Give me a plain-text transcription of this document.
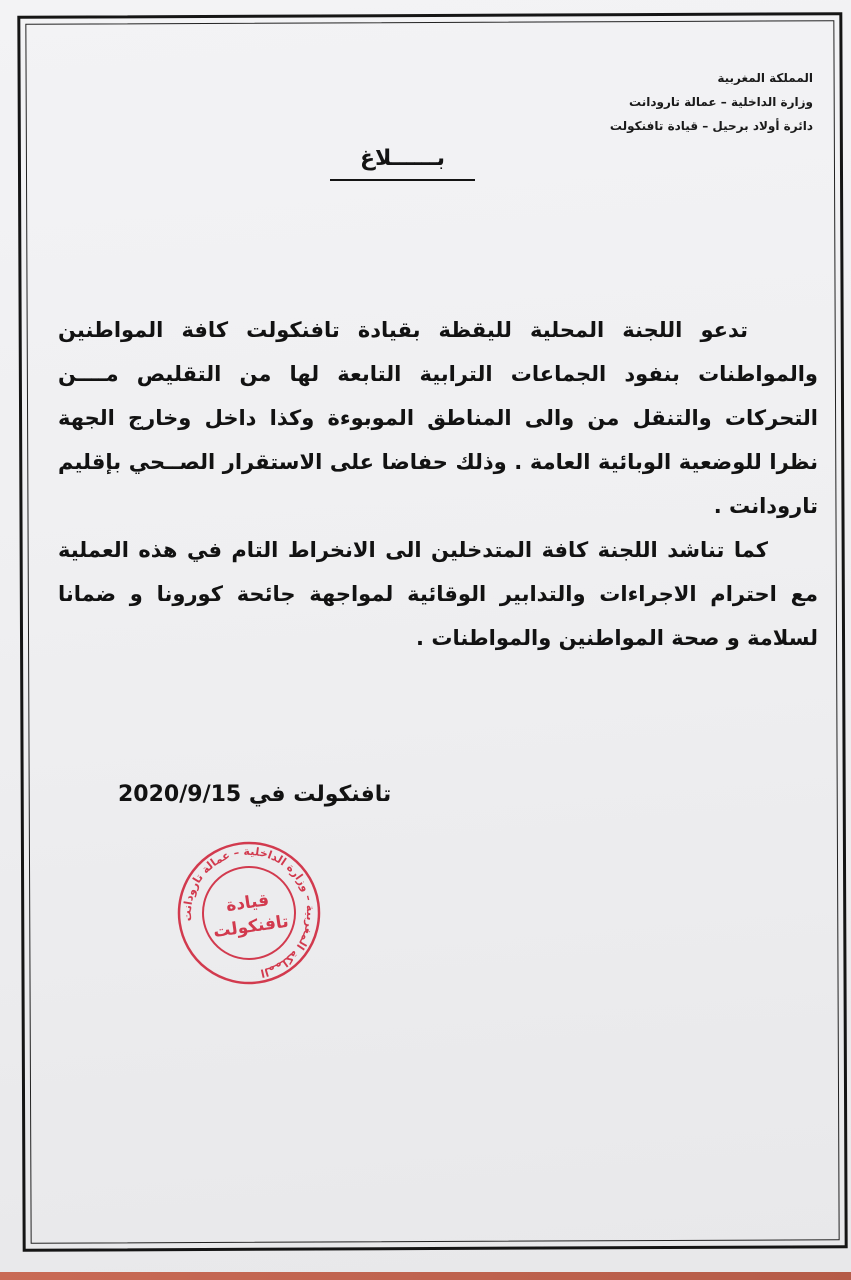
المملكة المغربية
وزارة الداخلية – عمالة تارودانت
دائرة أولاد برحيل – قيادة تافنكولت
بــــــلاغ

تدعو اللجنة المحلية لليقظة بقيادة تافنكولت كافة المواطنين والمواطنات بنفود الجماعات الترابية التابعة لها من التقليص مــــن التحركات والتنقل من والى المناطق الموبوءة وكذا داخل وخارج الجهة نظرا للوضعية الوبائية العامة . وذلك حفاضا على الاستقرار الصــحي بإقليم تارودانت .

كما تناشد اللجنة كافة المتدخلين الى الانخراط التام في هذه العملية مع احترام الاجراءات والتدابير الوقائية لمواجهة جائحة كورونا و ضمانا لسلامة و صحة المواطنين والمواطنات .

تافنكولت في 2020/9/15
المملكة المغربية – وزارة الداخلية – عمالة تارودانت
قيادة
تافنكولت
